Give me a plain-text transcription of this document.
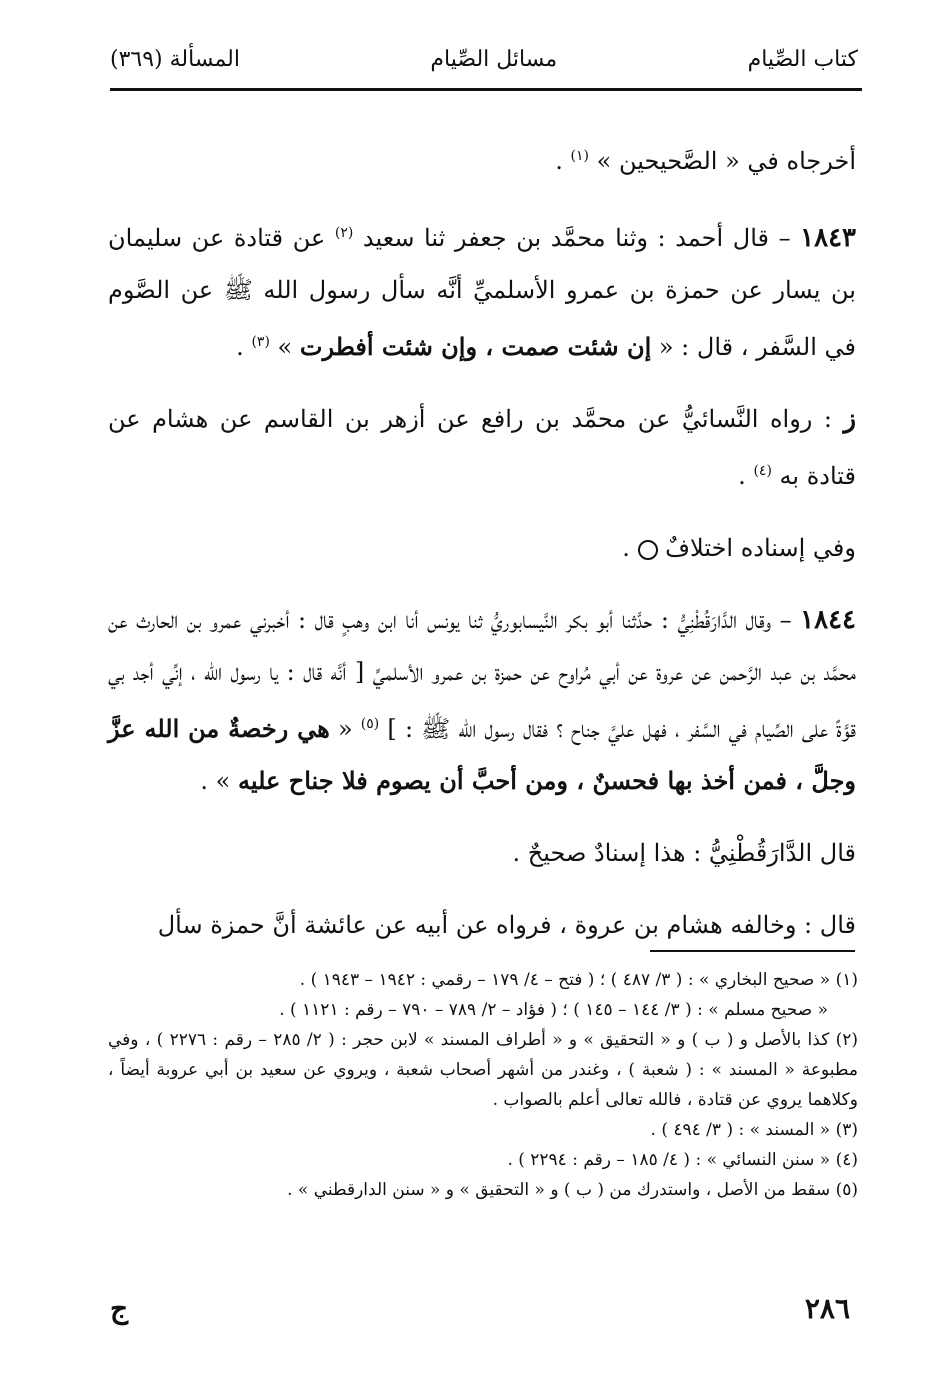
كتاب الصِّيام
مسائل الصِّيام
المسألة (٣٦٩)

أخرجاه في « الصَّحيحين » $^{(١)}$ .

١٨٤٣ – قال أحمد : وثنا محمَّد بن جعفر ثنا سعيد $^{(٢)}$ عن قتادة عن سليمان بن يسار عن حمزة بن عمرو الأسلميِّ أنَّه سأل رسول الله ﷺ عن الصَّوم في السَّفر ، قال : « إن شئت صمت ، وإن شئت أفطرت » $^{(٣)}$ .

ز : رواه النَّسائيُّ عن محمَّد بن رافع عن أزهر بن القاسم عن هشام عن قتادة به $^{(٤)}$ .

وفي إسناده اختلافٌ  .

١٨٤٤ – وقال الدَّارَقُطْنِيُّ : حدَّثنا أبو بكر النَّيسابوريُّ ثنا يونس أنا ابن وهبٍ قال : أخبرني عمرو بن الحارث عن محمَّد بن عبد الرَّحمن عن عروة عن أبي مُراوح عن حمزة بن عمرو الأسلميِّ [ أنَّه قال : يا رسول الله ، إنِّي أجد بي قوَّةً على الصِّيام في السَّفر ، فهل عليَّ جناح ؟ فقال رسول الله ﷺ : ] $^{(٥)}$ « هي رخصةٌ من الله عزَّ وجلَّ ، فمن أخذ بها فحسنٌ ، ومن أحبَّ أن يصوم فلا جناح عليه » .

قال الدَّارَقُطْنِيُّ : هذا إسنادٌ صحيحٌ .

قال : وخالفه هشام بن عروة ، فرواه عن أبيه عن عائشة أنَّ حمزة سأل

(١) « صحيح البخاري » : ( ٣/ ٤٨٧ ) ؛ ( فتح – ٤/ ١٧٩ – رقمي : ١٩٤٢ – ١٩٤٣ ) .
« صحيح مسلم » : ( ٣/ ١٤٤ – ١٤٥ ) ؛ ( فؤاد – ٢/ ٧٨٩ – ٧٩٠ – رقم : ١١٢١ ) .
(٢) كذا بالأصل و ( ب ) و « التحقيق » و « أطراف المسند » لابن حجر : ( ٢/ ٢٨٥ – رقم : ٢٢٧٦ ) ، وفي مطبوعة « المسند » : ( شعبة ) ، وغندر من أشهر أصحاب شعبة ، ويروي عن سعيد بن أبي عروبة أيضاً ، وكلاهما يروي عن قتادة ، فالله تعالى أعلم بالصواب .
(٣) « المسند » : ( ٣/ ٤٩٤ ) .
(٤) « سنن النسائي » : ( ٤/ ١٨٥ – رقم : ٢٢٩٤ ) .
(٥) سقط من الأصل ، واستدرك من ( ب ) و « التحقيق » و « سنن الدارقطني » .
٢٨٦
ج
